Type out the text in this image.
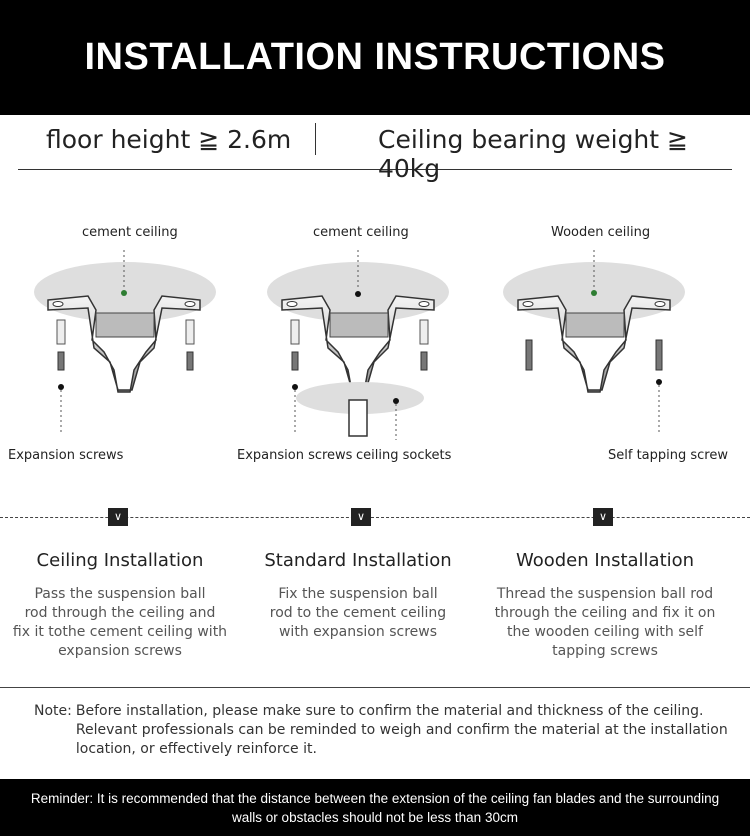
INSTALLATION INSTRUCTIONS
floor height ≧ 2.6m	Ceiling bearing weight ≧ 40kg
cement ceiling
Expansion screws
cement ceiling
Expansion screws ceiling sockets
Wooden ceiling
Self tapping screw
∨	∨	∨
Ceiling Installation

Pass the suspension ball
rod through the ceiling and
fix it tothe cement ceiling with
expansion screws

Standard Installation

Fix the suspension ball
rod to the cement ceiling
with expansion screws

Wooden Installation

Thread the suspension ball rod
through the ceiling and fix it on
the wooden ceiling with self
tapping screws

Note: Before installation, please make sure to confirm the material and thickness of the ceiling. Relevant professionals can be reminded to weigh and confirm the material at the installation location, or effectively reinforce it.
Reminder: It is recommended that the distance between the extension of the ceiling fan blades and the surrounding
walls or obstacles should not be less than 30cm
